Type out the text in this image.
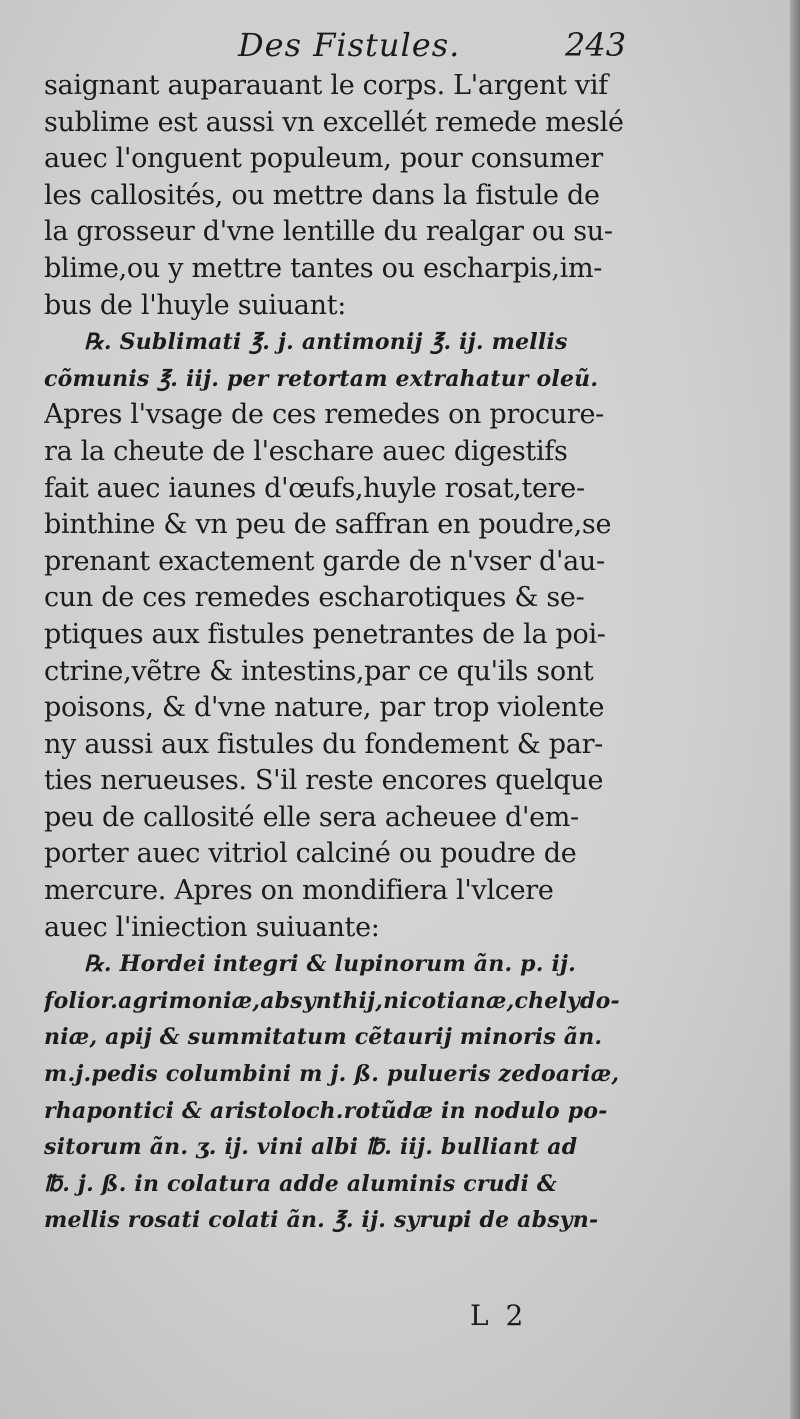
Des Fistules.	243
saignant auparauant le corps. L'argent vif
sublime est aussi vn excellét remede meslé
auec l'onguent populeum, pour consumer
les callosités, ou mettre dans la fistule de
la grosseur d'vne lentille du realgar ou su-
blime,ou y mettre tantes ou escharpis,im-
bus de l'huyle suiuant:
℞. Sublimati ℥. j. antimonij ℥. ij. mellis
cõmunis ℥. iij. per retortam extrahatur oleũ.
Apres l'vsage de ces remedes on procure-
ra la cheute de l'eschare auec digestifs
fait auec iaunes d'œufs,huyle rosat,tere-
binthine & vn peu de saffran en poudre,se
prenant exactement garde de n'vser d'au-
cun de ces remedes escharotiques & se-
ptiques aux fistules penetrantes de la poi-
ctrine,vẽtre & intestins,par ce qu'ils sont
poisons, & d'vne nature, par trop violente
ny aussi aux fistules du fondement & par-
ties nerueuses. S'il reste encores quelque
peu de callosité elle sera acheuee d'em-
porter auec vitriol calciné ou poudre de
mercure. Apres on mondifiera l'vlcere
auec l'iniection suiuante:
℞. Hordei integri & lupinorum ãn. p. ij.
folior.agrimoniæ,absynthij,nicotianæ,chelydo-
niæ, apij & summitatum cẽtaurij minoris ãn.
m.j.pedis columbini m j. ß. pulueris zedoariæ,
rhapontici & aristoloch.rotũdæ in nodulo po-
sitorum ãn. ʒ. ij. vini albi ℔. iij. bulliant ad
℔. j. ß. in colatura adde aluminis crudi &
mellis rosati colati ãn. ℥. ij. syrupi de absyn-
L 2
